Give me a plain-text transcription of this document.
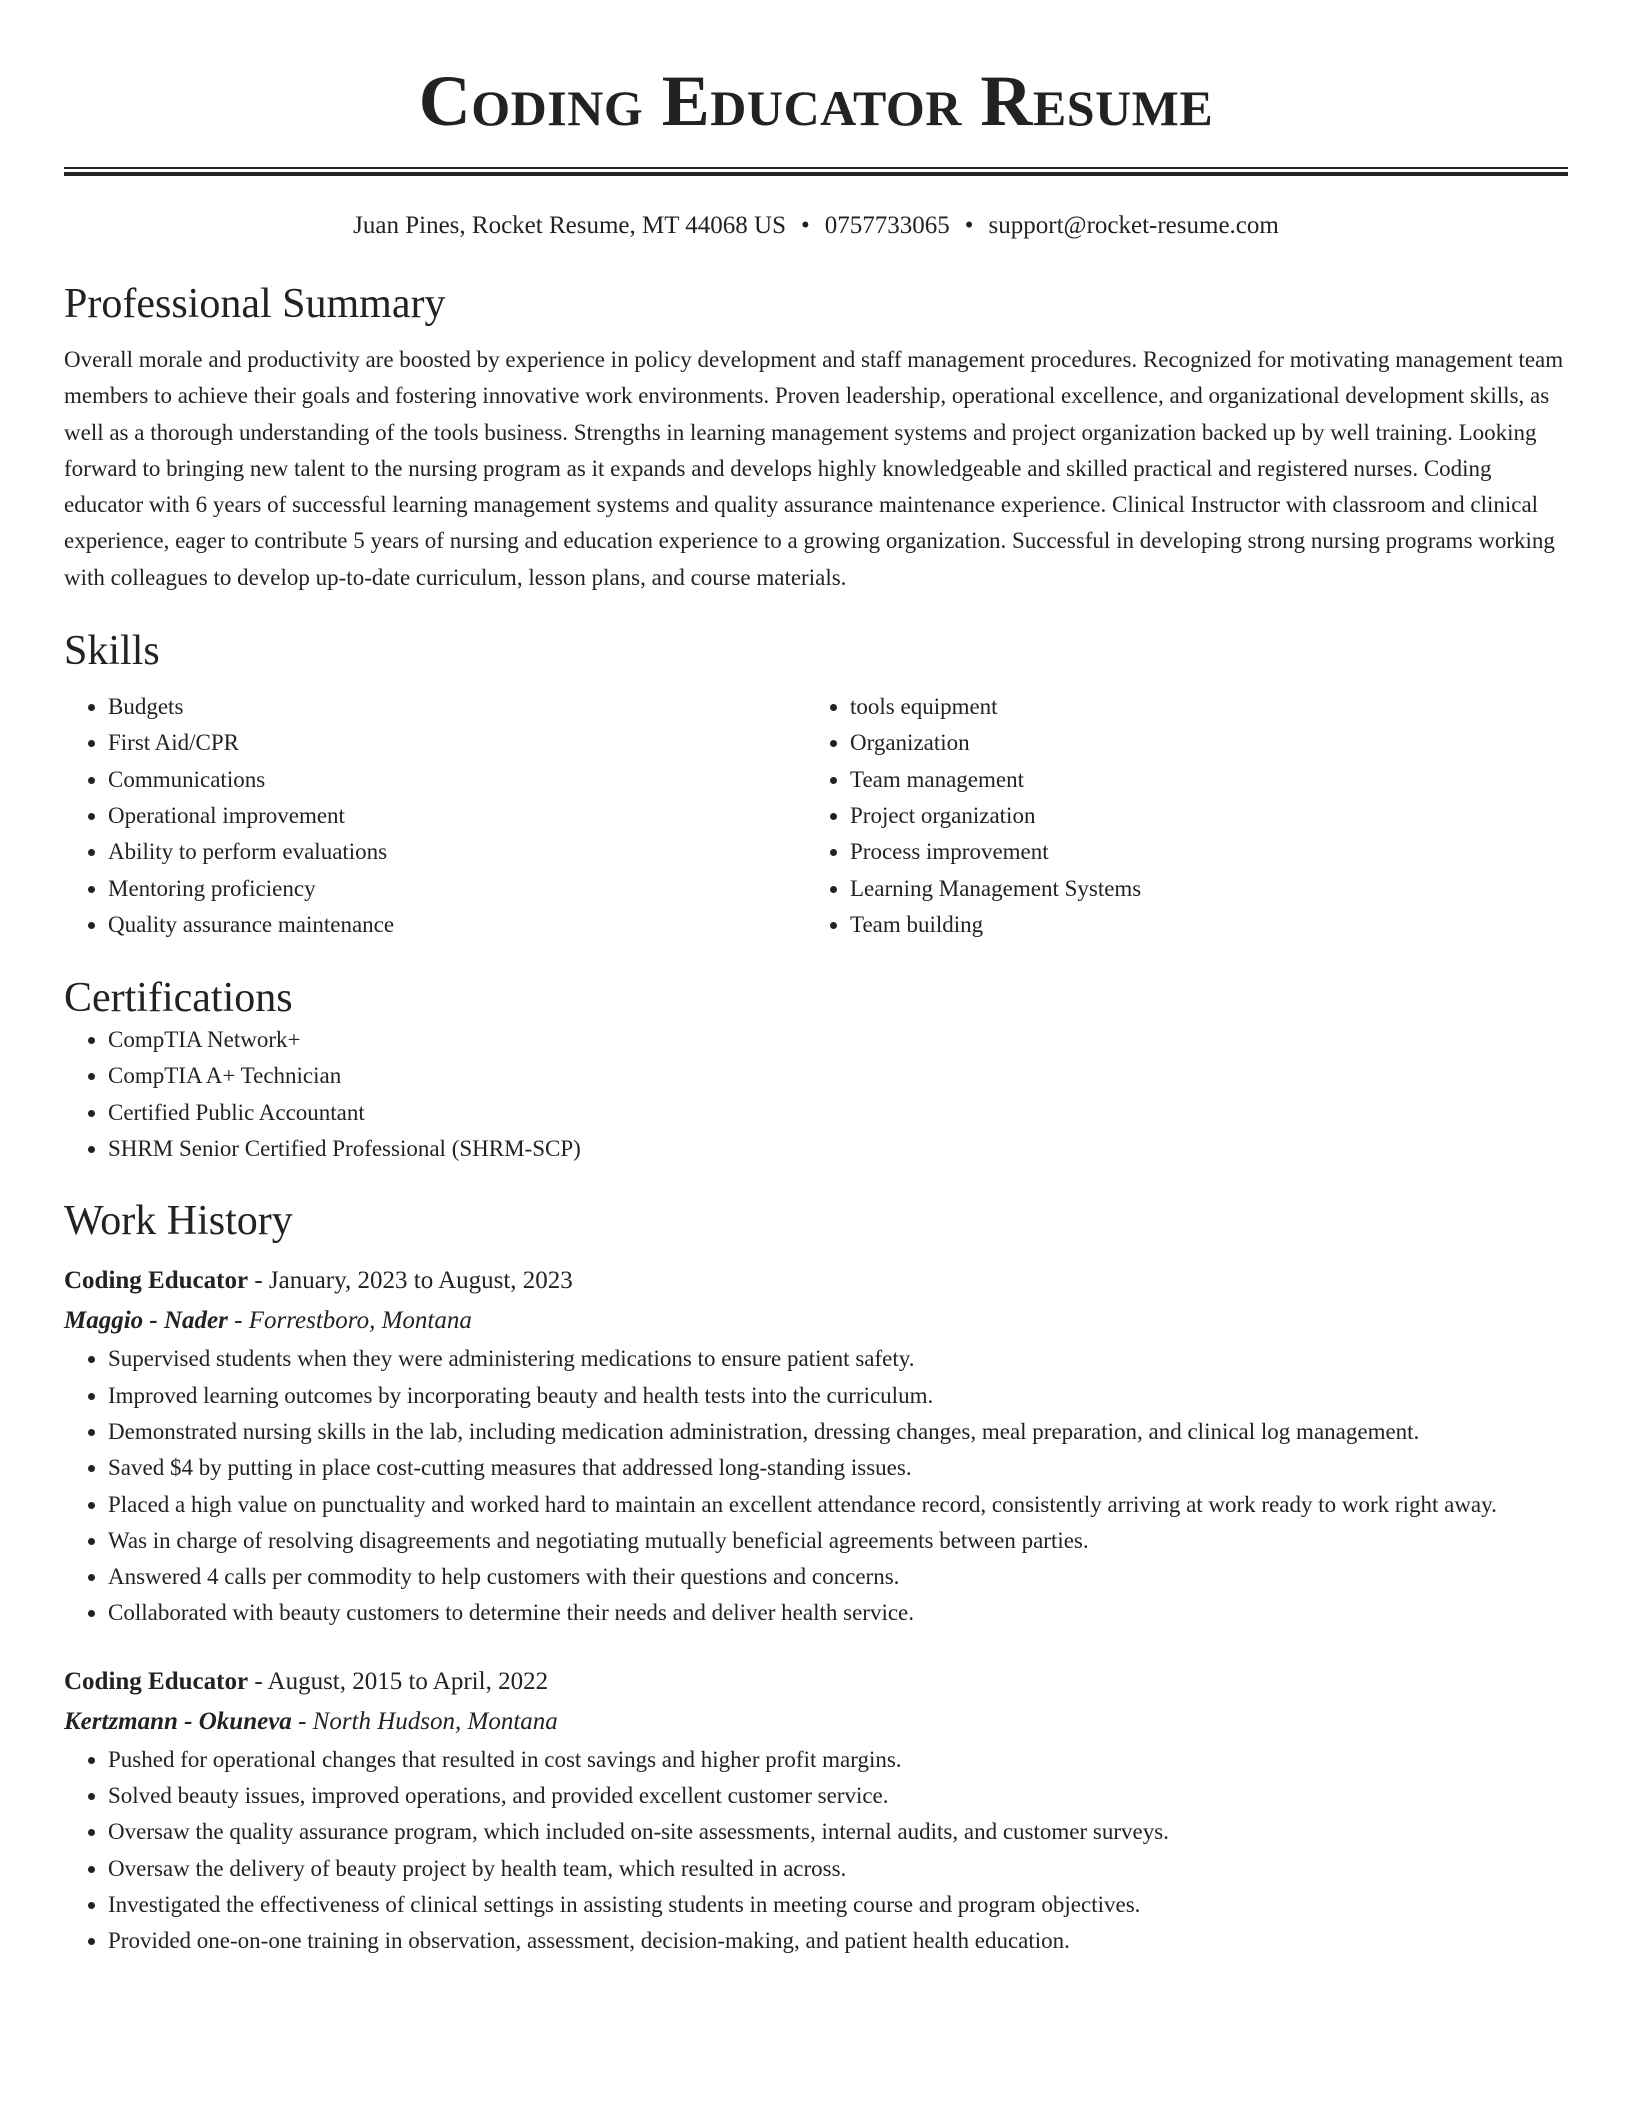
Coding Educator Resume
Juan Pines, Rocket Resume, MT 44068 US • 0757733065 • support@rocket-resume.com
Professional Summary

Overall morale and productivity are boosted by experience in policy development and staff management procedures. Recognized for motivating management team members to achieve their goals and fostering innovative work environments. Proven leadership, operational excellence, and organizational development skills, as well as a thorough understanding of the tools business. Strengths in learning management systems and project organization backed up by well training. Looking forward to bringing new talent to the nursing program as it expands and develops highly knowledgeable and skilled practical and registered nurses. Coding educator with 6 years of successful learning management systems and quality assurance maintenance experience. Clinical Instructor with classroom and clinical experience, eager to contribute 5 years of nursing and education experience to a growing organization. Successful in developing strong nursing programs working with colleagues to develop up-to-date curriculum, lesson plans, and course materials.

Skills
• Budgets
• First Aid/CPR
• Communications
• Operational improvement
• Ability to perform evaluations
• Mentoring proficiency
• Quality assurance maintenance
• tools equipment
• Organization
• Team management
• Project organization
• Process improvement
• Learning Management Systems
• Team building
Certifications
• CompTIA Network+
• CompTIA A+ Technician
• Certified Public Accountant
• SHRM Senior Certified Professional (SHRM-SCP)
Work History
Coding Educator - January, 2023 to August, 2023
Maggio - Nader - Forrestboro, Montana
• Supervised students when they were administering medications to ensure patient safety.
• Improved learning outcomes by incorporating beauty and health tests into the curriculum.
• Demonstrated nursing skills in the lab, including medication administration, dressing changes, meal preparation, and clinical log management.
• Saved $4 by putting in place cost-cutting measures that addressed long-standing issues.
• Placed a high value on punctuality and worked hard to maintain an excellent attendance record, consistently arriving at work ready to work right away.
• Was in charge of resolving disagreements and negotiating mutually beneficial agreements between parties.
• Answered 4 calls per commodity to help customers with their questions and concerns.
• Collaborated with beauty customers to determine their needs and deliver health service.
Coding Educator - August, 2015 to April, 2022
Kertzmann - Okuneva - North Hudson, Montana
• Pushed for operational changes that resulted in cost savings and higher profit margins.
• Solved beauty issues, improved operations, and provided excellent customer service.
• Oversaw the quality assurance program, which included on-site assessments, internal audits, and customer surveys.
• Oversaw the delivery of beauty project by health team, which resulted in across.
• Investigated the effectiveness of clinical settings in assisting students in meeting course and program objectives.
• Provided one-on-one training in observation, assessment, decision-making, and patient health education.
